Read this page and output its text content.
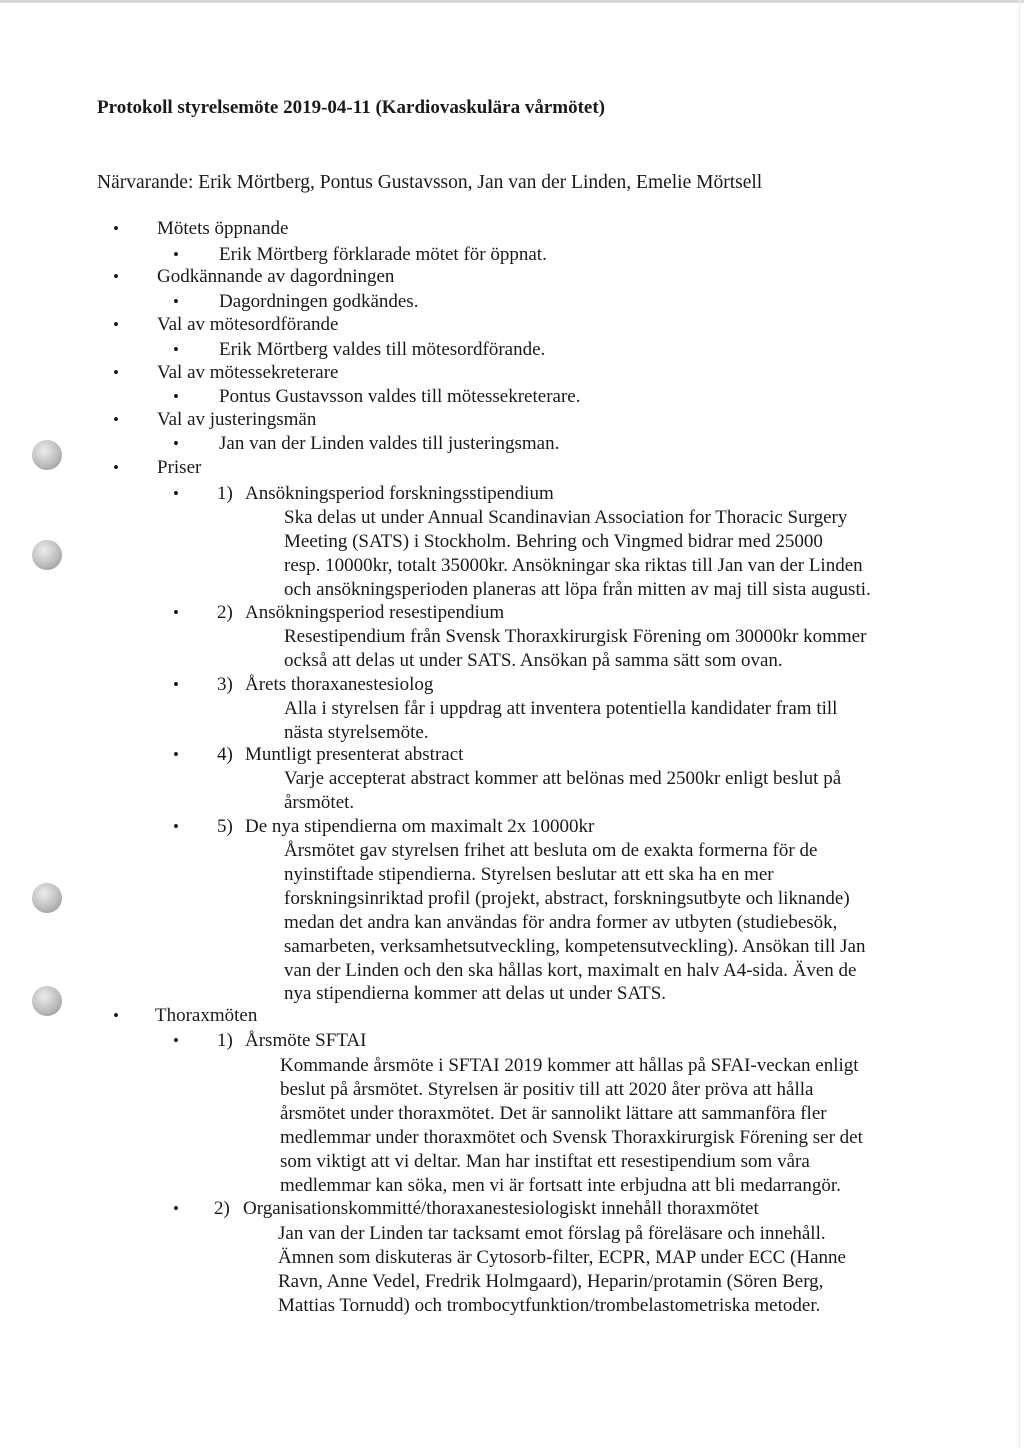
Protokoll styrelsemöte 2019-04-11 (Kardiovaskulära vårmötet)
Närvarande: Erik Mörtberg, Pontus Gustavsson, Jan van der Linden, Emelie Mörtsell
• Mötets öppnande
• Erik Mörtberg förklarade mötet för öppnat.
• Godkännande av dagordningen
• Dagordningen godkändes.
• Val av mötesordförande
• Erik Mörtberg valdes till mötesordförande.
• Val av mötessekreterare
• Pontus Gustavsson valdes till mötessekreterare.
• Val av justeringsmän
• Jan van der Linden valdes till justeringsman.
• Priser
• 1) Ansökningsperiod forskningsstipendium
Ska delas ut under Annual Scandinavian Association for Thoracic Surgery
Meeting (SATS) i Stockholm. Behring och Vingmed bidrar med 25000
resp. 10000kr, totalt 35000kr. Ansökningar ska riktas till Jan van der Linden
och ansökningsperioden planeras att löpa från mitten av maj till sista augusti.
• 2) Ansökningsperiod resestipendium
Resestipendium från Svensk Thoraxkirurgisk Förening om 30000kr kommer
också att delas ut under SATS. Ansökan på samma sätt som ovan.
• 3) Årets thoraxanestesiolog
Alla i styrelsen får i uppdrag att inventera potentiella kandidater fram till
nästa styrelsemöte.
• 4) Muntligt presenterat abstract
Varje accepterat abstract kommer att belönas med 2500kr enligt beslut på
årsmötet.
• 5) De nya stipendierna om maximalt 2x 10000kr
Årsmötet gav styrelsen frihet att besluta om de exakta formerna för de
nyinstiftade stipendierna. Styrelsen beslutar att ett ska ha en mer
forskningsinriktad profil (projekt, abstract, forskningsutbyte och liknande)
medan det andra kan användas för andra former av utbyten (studiebesök,
samarbeten, verksamhetsutveckling, kompetensutveckling). Ansökan till Jan
van der Linden och den ska hållas kort, maximalt en halv A4-sida. Även de
nya stipendierna kommer att delas ut under SATS.
• Thoraxmöten
• 1) Årsmöte SFTAI
Kommande årsmöte i SFTAI 2019 kommer att hållas på SFAI-veckan enligt
beslut på årsmötet. Styrelsen är positiv till att 2020 åter pröva att hålla
årsmötet under thoraxmötet. Det är sannolikt lättare att sammanföra fler
medlemmar under thoraxmötet och Svensk Thoraxkirurgisk Förening ser det
som viktigt att vi deltar. Man har instiftat ett resestipendium som våra
medlemmar kan söka, men vi är fortsatt inte erbjudna att bli medarrangör.
• 2) Organisationskommitté/thoraxanestesiologiskt innehåll thoraxmötet
Jan van der Linden tar tacksamt emot förslag på föreläsare och innehåll.
Ämnen som diskuteras är Cytosorb-filter, ECPR, MAP under ECC (Hanne
Ravn, Anne Vedel, Fredrik Holmgaard), Heparin/protamin (Sören Berg,
Mattias Tornudd) och trombocytfunktion/trombelastometriska metoder.
